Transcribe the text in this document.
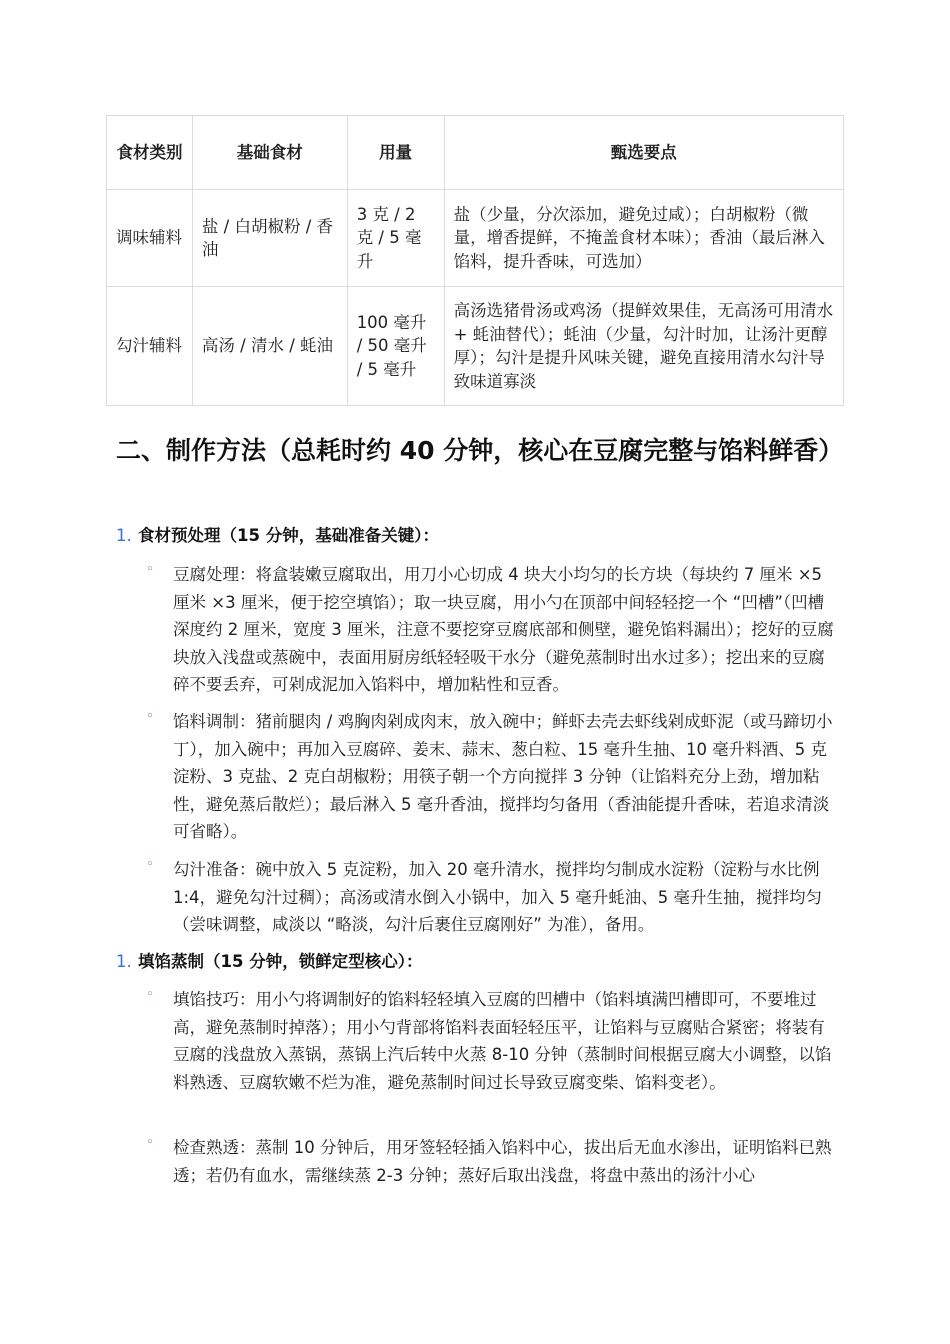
食材类别	基础食材	用量	甄选要点
调味辅料	盐 / 白胡椒粉 / 香油	3 克 / 2 克 / 5 毫升	盐（少量，分次添加，避免过咸）；白胡椒粉（微量，增香提鲜，不掩盖食材本味）；香油（最后淋入馅料，提升香味，可选加）
勾汁辅料	高汤 / 清水 / 蚝油	100 毫升 / 50 毫升 / 5 毫升	高汤选猪骨汤或鸡汤（提鲜效果佳，无高汤可用清水 + 蚝油替代）；蚝油（少量，勾汁时加，让汤汁更醇厚）；勾汁是提升风味关键，避免直接用清水勾汁导致味道寡淡
二、制作方法（总耗时约 40 分钟，核心在豆腐完整与馅料鲜香）
1. 食材预处理（15 分钟，基础准备关键）：
◦ 豆腐处理：将盒装嫩豆腐取出，用刀小心切成 4 块大小均匀的长方块（每块约 7 厘米 ×5 厘米 ×3 厘米，便于挖空填馅）；取一块豆腐，用小勺在顶部中间轻轻挖一个 “凹槽”（凹槽深度约 2 厘米，宽度 3 厘米，注意不要挖穿豆腐底部和侧壁，避免馅料漏出）；挖好的豆腐块放入浅盘或蒸碗中，表面用厨房纸轻轻吸干水分（避免蒸制时出水过多）；挖出来的豆腐碎不要丢弃，可剁成泥加入馅料中，增加粘性和豆香。
◦ 馅料调制：猪前腿肉 / 鸡胸肉剁成肉末，放入碗中；鲜虾去壳去虾线剁成虾泥（或马蹄切小丁），加入碗中；再加入豆腐碎、姜末、蒜末、葱白粒、15 毫升生抽、10 毫升料酒、5 克淀粉、3 克盐、2 克白胡椒粉；用筷子朝一个方向搅拌 3 分钟（让馅料充分上劲，增加粘性，避免蒸后散烂）；最后淋入 5 毫升香油，搅拌均匀备用（香油能提升香味，若追求清淡可省略）。
◦ 勾汁准备：碗中放入 5 克淀粉，加入 20 毫升清水，搅拌均匀制成水淀粉（淀粉与水比例 1:4，避免勾汁过稠）；高汤或清水倒入小锅中，加入 5 毫升蚝油、5 毫升生抽，搅拌均匀（尝味调整，咸淡以 “略淡，勾汁后裹住豆腐刚好” 为准），备用。
1. 填馅蒸制（15 分钟，锁鲜定型核心）：
◦ 填馅技巧：用小勺将调制好的馅料轻轻填入豆腐的凹槽中（馅料填满凹槽即可，不要堆过高，避免蒸制时掉落）；用小勺背部将馅料表面轻轻压平，让馅料与豆腐贴合紧密；将装有豆腐的浅盘放入蒸锅，蒸锅上汽后转中火蒸 8-10 分钟（蒸制时间根据豆腐大小调整，以馅料熟透、豆腐软嫩不烂为准，避免蒸制时间过长导致豆腐变柴、馅料变老）。
◦ 检查熟透：蒸制 10 分钟后，用牙签轻轻插入馅料中心，拔出后无血水渗出，证明馅料已熟透；若仍有血水，需继续蒸 2-3 分钟；蒸好后取出浅盘，将盘中蒸出的汤汁小心
